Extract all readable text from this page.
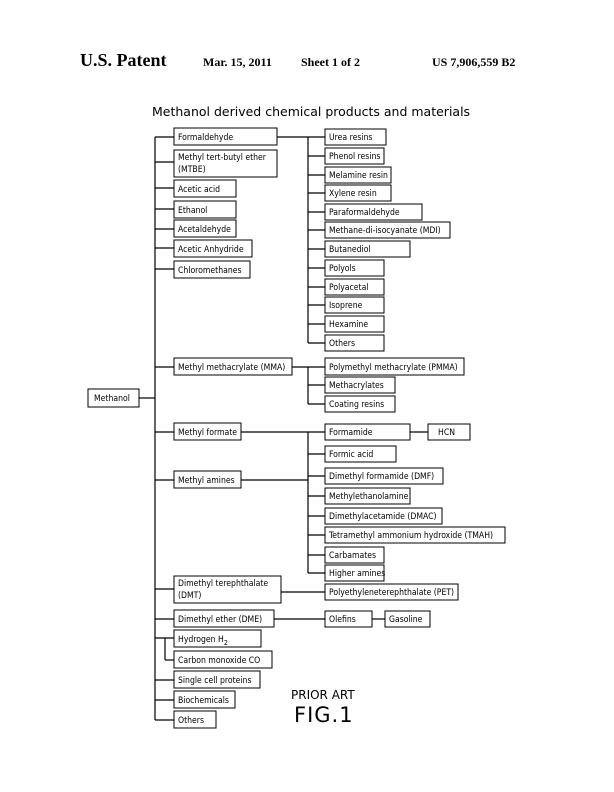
U.S. Patent	Mar. 15, 2011 Sheet 1 of 2	US 7,906,559 B2
Methanol derived chemical products and materials
Methanol
Formaldehyde
Methyl tert-butyl ether
(MTBE)
Acetic acid
Ethanol
Acetaldehyde
Acetic Anhydride
Chloromethanes
Methyl methacrylate (MMA)
Methyl formate
Methyl amines
Dimethyl terephthalate
(DMT)
Dimethyl ether (DME)
Hydrogen $H_2$
Carbon monoxide CO
Single cell proteins
Biochemicals
Others
Urea resins
Phenol resins
Melamine resin
Xylene resin
Paraformaldehyde
Methane-di-isocyanate (MDI)
Butanediol
Polyols
Polyacetal
Isoprene
Hexamine
Others
Polymethyl methacrylate (PMMA)
Methacrylates
Coating resins
Formamide	HCN
Formic acid
Dimethyl formamide (DMF)
Methylethanolamine
Dimethylacetamide (DMAC)
Tetramethyl ammonium hydroxide (TMAH)
Carbamates
Higher amines
Polyethyleneterephthalate (PET)
Olefins	Gasoline
PRIOR ART
FIG.1
